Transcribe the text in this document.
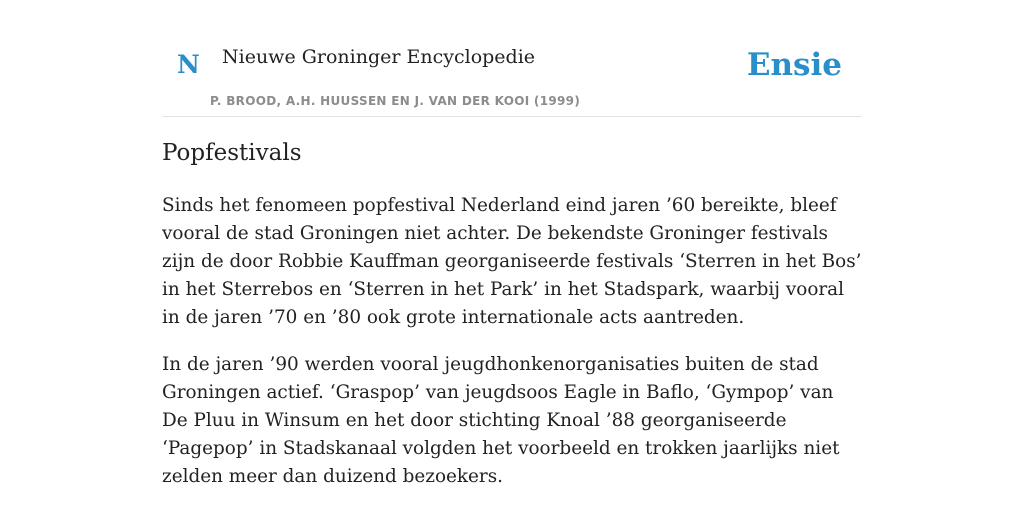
N Nieuwe Groninger Encyclopedie
P. BROOD, A.H. HUUSSEN EN J. VAN DER KOOI (1999)
Ensie
Popfestivals

Sinds het fenomeen popfestival Nederland eind jaren ’60 bereikte, bleef vooral de stad Groningen niet achter. De bekendste Groninger festivals zijn de door Robbie Kauffman georganiseerde festivals ‘Sterren in het Bos’ in het Sterrebos en ‘Sterren in het Park’ in het Stadspark, waarbij vooral in de jaren ’70 en ’80 ook grote internationale acts aantreden.

In de jaren ’90 werden vooral jeugdhonkenorganisaties buiten de stad Groningen actief. ‘Graspop’ van jeugdsoos Eagle in Baflo, ‘Gympop’ van De Pluu in Winsum en het door stichting Knoal ’88 georganiseerde ‘Pagepop’ in Stadskanaal volgden het voorbeeld en trokken jaarlijks niet zelden meer dan duizend bezoekers.
